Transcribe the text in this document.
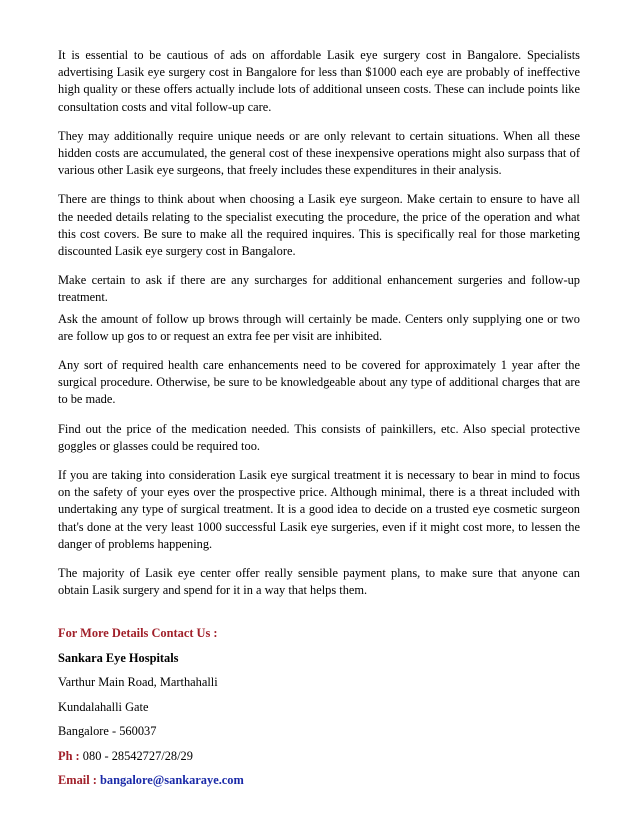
It is essential to be cautious of ads on affordable Lasik eye surgery cost in Bangalore. Specialists advertising Lasik eye surgery cost in Bangalore for less than $1000 each eye are probably of ineffective high quality or these offers actually include lots of additional unseen costs. These can include points like consultation costs and vital follow-up care.

They may additionally require unique needs or are only relevant to certain situations. When all these hidden costs are accumulated, the general cost of these inexpensive operations might also surpass that of various other Lasik eye surgeons, that freely includes these expenditures in their analysis.

There are things to think about when choosing a Lasik eye surgeon. Make certain to ensure to have all the needed details relating to the specialist executing the procedure, the price of the operation and what this cost covers. Be sure to make all the required inquires. This is specifically real for those marketing discounted Lasik eye surgery cost in Bangalore.

Make certain to ask if there are any surcharges for additional enhancement surgeries and follow-up treatment.

Ask the amount of follow up brows through will certainly be made. Centers only supplying one or two are follow up gos to or request an extra fee per visit are inhibited.

Any sort of required health care enhancements need to be covered for approximately 1 year after the surgical procedure. Otherwise, be sure to be knowledgeable about any type of additional charges that are to be made.

Find out the price of the medication needed. This consists of painkillers, etc. Also special protective goggles or glasses could be required too.

If you are taking into consideration Lasik eye surgical treatment it is necessary to bear in mind to focus on the safety of your eyes over the prospective price. Although minimal, there is a threat included with undertaking any type of surgical treatment. It is a good idea to decide on a trusted eye cosmetic surgeon that's done at the very least 1000 successful Lasik eye surgeries, even if it might cost more, to lessen the danger of problems happening.

The majority of Lasik eye center offer really sensible payment plans, to make sure that anyone can obtain Lasik surgery and spend for it in a way that helps them.

For More Details Contact Us :

Sankara Eye Hospitals

Varthur Main Road, Marthahalli

Kundalahalli Gate

Bangalore - 560037

Ph : 080 - 28542727/28/29

Email : bangalore@sankaraye.com
